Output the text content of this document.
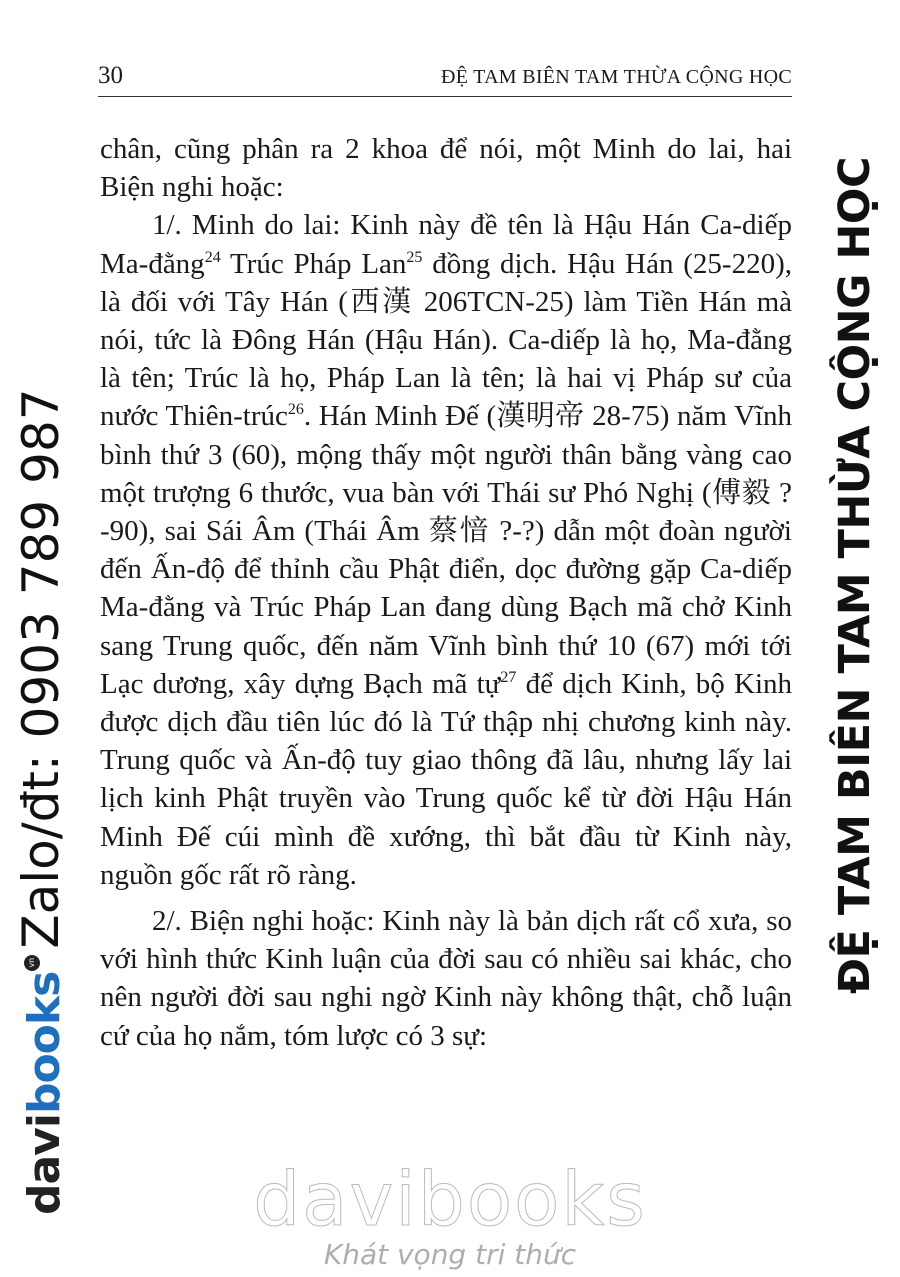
30	ĐỆ TAM BIÊN TAM THỪA CỘNG HỌC

chân, cũng phân ra 2 khoa để nói, một Minh do lai, hai Biện nghi hoặc:

1/. Minh do lai: Kinh này đề tên là Hậu Hán Ca-diếp Ma-đằng$^{24}$ Trúc Pháp Lan$^{25}$ đồng dịch. Hậu Hán (25-220), là đối với Tây Hán (西漢 206TCN-25) làm Tiền Hán mà nói, tức là Đông Hán (Hậu Hán). Ca-diếp là họ, Ma-đằng là tên; Trúc là họ, Pháp Lan là tên; là hai vị Pháp sư của nước Thiên-trúc$^{26}$. Hán Minh Đế (漢明帝 28-75) năm Vĩnh bình thứ 3 (60), mộng thấy một người thân bằng vàng cao một trượng 6 thước, vua bàn với Thái sư Phó Nghị (傅毅 ?-90), sai Sái Âm (Thái Âm 蔡愔 ?-?) dẫn một đoàn người đến Ấn-độ để thỉnh cầu Phật điển, dọc đường gặp Ca-diếp Ma-đằng và Trúc Pháp Lan đang dùng Bạch mã chở Kinh sang Trung quốc, đến năm Vĩnh bình thứ 10 (67) mới tới Lạc dương, xây dựng Bạch mã tự$^{27}$ để dịch Kinh, bộ Kinh được dịch đầu tiên lúc đó là Tứ thập nhị chương kinh này. Trung quốc và Ấn-độ tuy giao thông đã lâu, nhưng lấy lai lịch kinh Phật truyền vào Trung quốc kể từ đời Hậu Hán Minh Đế cúi mình đề xướng, thì bắt đầu từ Kinh này, nguồn gốc rất rõ ràng.

2/. Biện nghi hoặc: Kinh này là bản dịch rất cổ xưa, so với hình thức Kinh luận của đời sau có nhiều sai khác, cho nên người đời sau nghi ngờ Kinh này không thật, chỗ luận cứ của họ nắm, tóm lược có 3 sự:

davi
books
vn
Zalo/đt: 0903 789 987	ĐỆ TAM BIÊN TAM THỪA CỘNG HỌC
davibooks
Khát vọng tri thức
